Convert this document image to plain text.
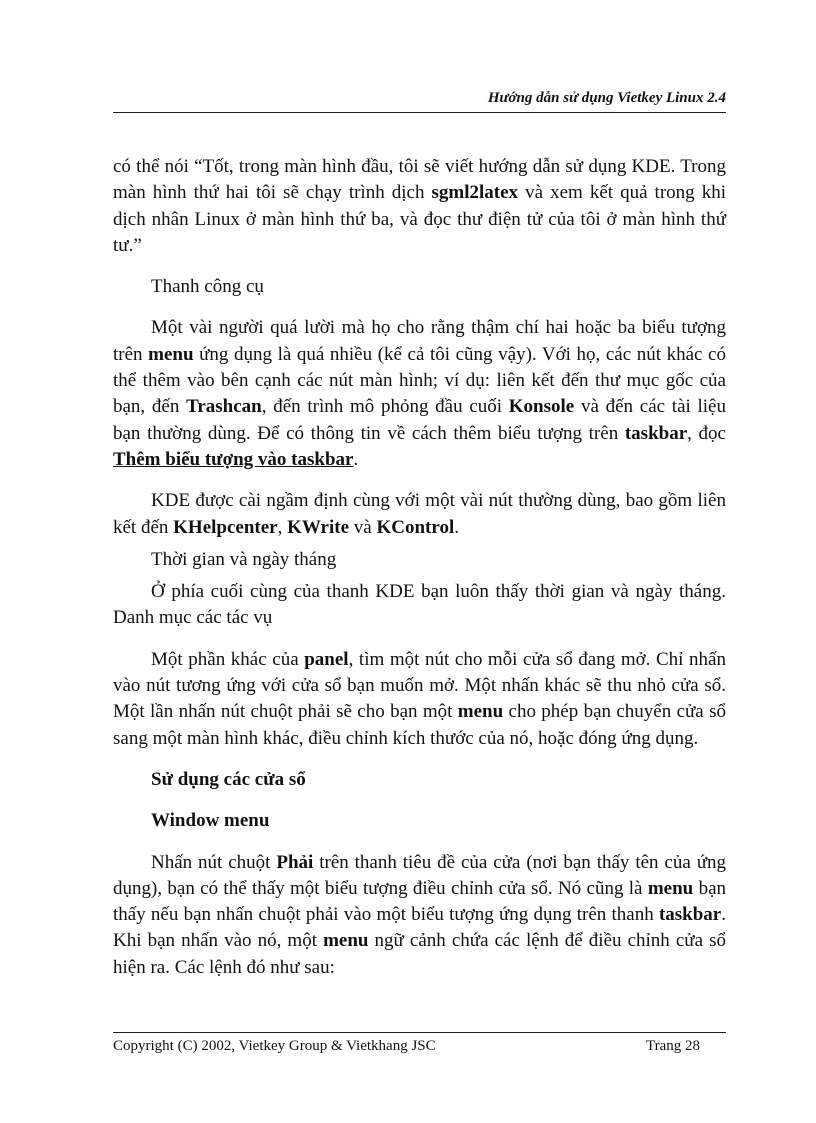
Hướng dẫn sử dụng Vietkey Linux 2.4

có thể nói “Tốt, trong màn hình đầu, tôi sẽ viết hướng dẫn sử dụng KDE. Trong màn hình thứ hai tôi sẽ chạy trình dịch sgml2latex và xem kết quả trong khi dịch nhân Linux ở màn hình thứ ba, và đọc thư điện tử của tôi ở màn hình thứ tư.”

Thanh công cụ

Một vài người quá lười mà họ cho rằng thậm chí hai hoặc ba biểu tượng trên menu ứng dụng là quá nhiều (kể cả tôi cũng vậy). Với họ, các nút khác có thể thêm vào bên cạnh các nút màn hình; ví dụ: liên kết đến thư mục gốc của bạn, đến Trashcan, đến trình mô phỏng đầu cuối Konsole và đến các tài liệu bạn thường dùng. Để có thông tin về cách thêm biểu tượng trên taskbar, đọc Thêm biểu tượng vào taskbar.

KDE được cài ngầm định cùng với một vài nút thường dùng, bao gồm liên kết đến KHelpcenter, KWrite và KControl.

Thời gian và ngày tháng

Ở phía cuối cùng của thanh KDE bạn luôn thấy thời gian và ngày tháng. Danh mục các tác vụ

Một phần khác của panel, tìm một nút cho mỗi cửa sổ đang mở. Chỉ nhấn vào nút tương ứng với cửa sổ bạn muốn mở. Một nhấn khác sẽ thu nhỏ cửa sổ. Một lần nhấn nút chuột phải sẽ cho bạn một menu cho phép bạn chuyển cửa sổ sang một màn hình khác, điều chỉnh kích thước của nó, hoặc đóng ứng dụng.

Sử dụng các cửa sổ

Window menu

Nhấn nút chuột Phải trên thanh tiêu đề của cửa (nơi bạn thấy tên của ứng dụng), bạn có thể thấy một biểu tượng điều chỉnh cửa sổ. Nó cũng là menu bạn thấy nếu bạn nhấn chuột phải vào một biểu tượng ứng dụng trên thanh taskbar. Khi bạn nhấn vào nó, một menu ngữ cảnh chứa các lệnh để điều chỉnh cửa sổ hiện ra. Các lệnh đó như sau:

Copyright (C) 2002, Vietkey Group & Vietkhang JSC	Trang 28
